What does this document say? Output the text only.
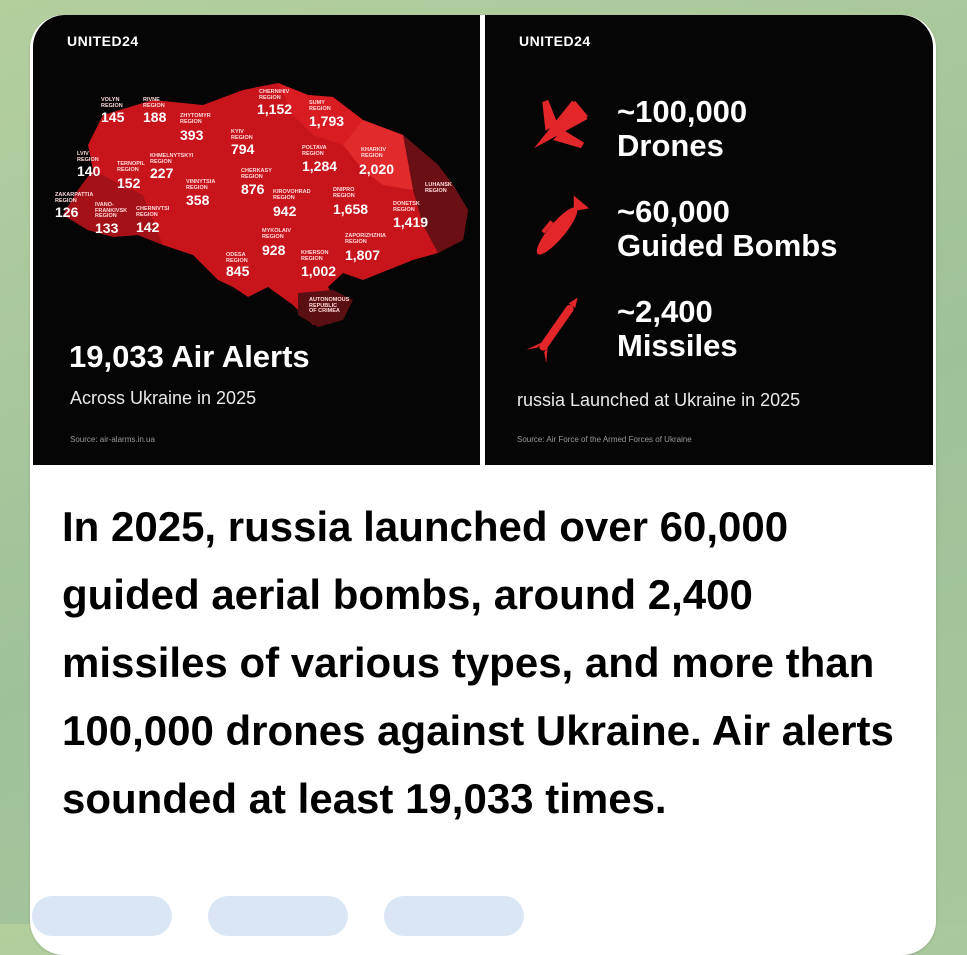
UNITED24
VOLYN
REGION
145
RIVNE
REGION
188 ZHYTOMYR
REGION
393
CHERNIHIV
REGION
1,152	SUMY
REGION
1,793
LVIV
REGION
140	TERNOPIL
REGION
152
KHMELNYTSKYI
REGION
227
KYIV
REGION
794	POLTAVA
REGION
1,284
KHARKIV
REGION
2,020
ZAKARPATTIA
REGION
126	IVANO-
FRANKIVSK
REGION
133
CHERNIVTSI
REGION
142
VINNYTSIA
REGION
358
CHERKASY
REGION
876 KIROVOHRAD
REGION
942
DNIPRO
REGION
1,658
LUHANSK
REGION
DONETSK
REGION
1,419
MYKOLAIV
REGION
928
ODESA
REGION
845
KHERSON
REGION
1,002
ZAPORIZHZHIA
REGION
1,807
AUTONOMOUS
REPUBLIC
OF CRIMEA
19,033 Air Alerts
Across Ukraine in 2025
Source: air-alarms.in.ua
UNITED24
~100,000
Drones
~60,000
Guided Bombs
~2,400
Missiles
russia Launched at Ukraine in 2025
Source: Air Force of the Armed Forces of Ukraine
In 2025, russia launched over 60,000 guided aerial bombs, around 2,400 missiles of various types, and more than 100,000 drones against Ukraine. Air alerts sounded at least 19,033 times.
